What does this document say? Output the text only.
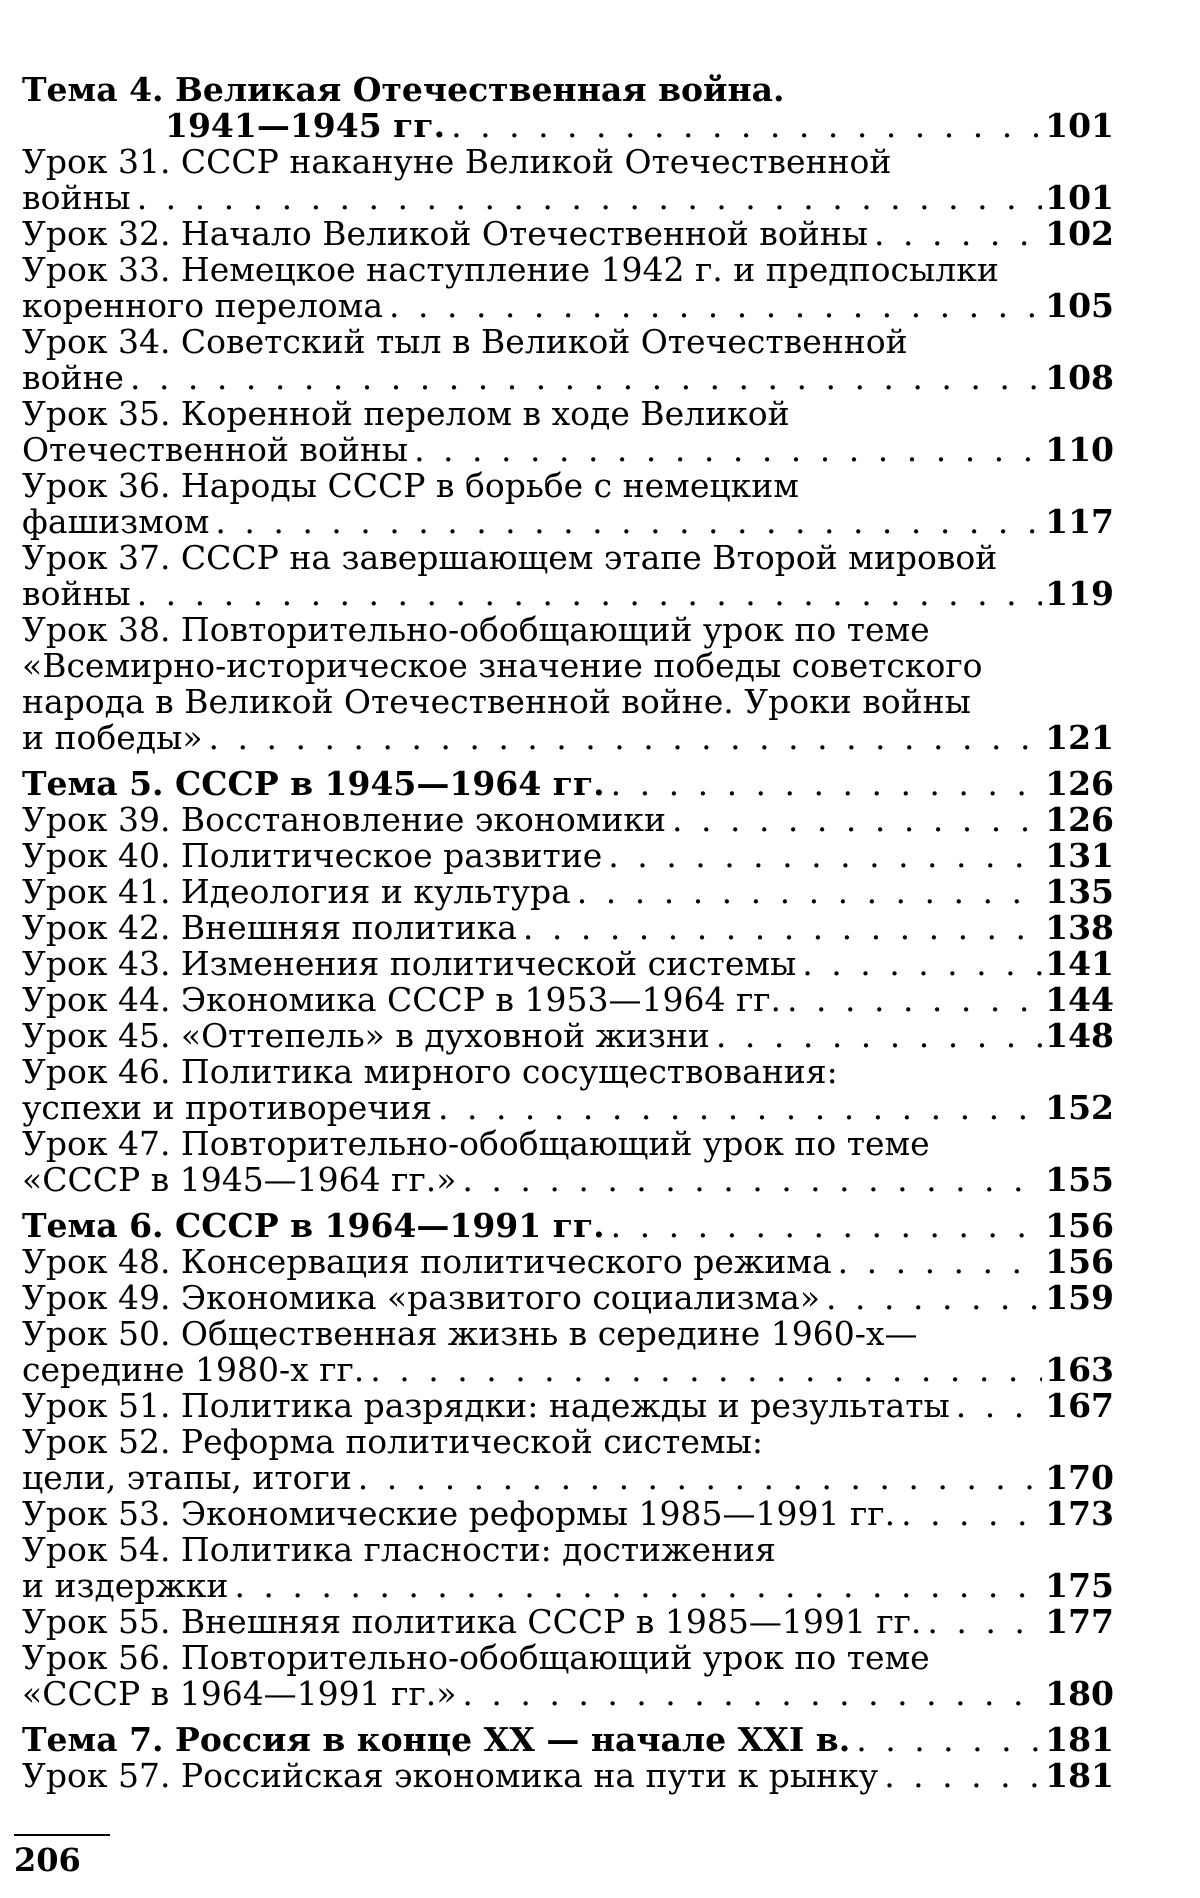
Тема 4. Великая Отечественная война.
1941—1945 гг. . . .	101
Урок 31. СССР накануне Великой Отечественной
войны . . .	101
Урок 32. Начало Великой Отечественной войны . . .	102
Урок 33. Немецкое наступление 1942 г. и предпосылки
коренного перелома . . .	105
Урок 34. Советский тыл в Великой Отечественной
войне . . .	108
Урок 35. Коренной перелом в ходе Великой
Отечественной войны . . .	110
Урок 36. Народы СССР в борьбе с немецким
фашизмом . . .	117
Урок 37. СССР на завершающем этапе Второй мировой
войны . . .	119
Урок 38. Повторительно-обобщающий урок по теме
«Всемирно-историческое значение победы советского
народа в Великой Отечественной войне. Уроки войны
и победы» . . .	121
Тема 5. СССР в 1945—1964 гг. . . .	126
Урок 39. Восстановление экономики . . .	126
Урок 40. Политическое развитие . . .	131
Урок 41. Идеология и культура . . .	135
Урок 42. Внешняя политика . . .	138
Урок 43. Изменения политической системы . . .	141
Урок 44. Экономика СССР в 1953—1964 гг. . . .	144
Урок 45. «Оттепель» в духовной жизни . . .	148
Урок 46. Политика мирного сосуществования:
успехи и противоречия . . .	152
Урок 47. Повторительно-обобщающий урок по теме
«СССР в 1945—1964 гг.» . . .	155
Тема 6. СССР в 1964—1991 гг. . . .	156
Урок 48. Консервация политического режима . . .	156
Урок 49. Экономика «развитого социализма» . . .	159
Урок 50. Общественная жизнь в середине 1960-х—
середине 1980-х гг. . . .	163
Урок 51. Политика разрядки: надежды и результаты . . .	167
Урок 52. Реформа политической системы:
цели, этапы, итоги . . .	170
Урок 53. Экономические реформы 1985—1991 гг. . . .	173
Урок 54. Политика гласности: достижения
и издержки . . .	175
Урок 55. Внешняя политика СССР в 1985—1991 гг. . . .	177
Урок 56. Повторительно-обобщающий урок по теме
«СССР в 1964—1991 гг.» . . .	180
Тема 7. Россия в конце XX — начале XXI в. . . .	181
Урок 57. Российская экономика на пути к рынку . . .	181
206
